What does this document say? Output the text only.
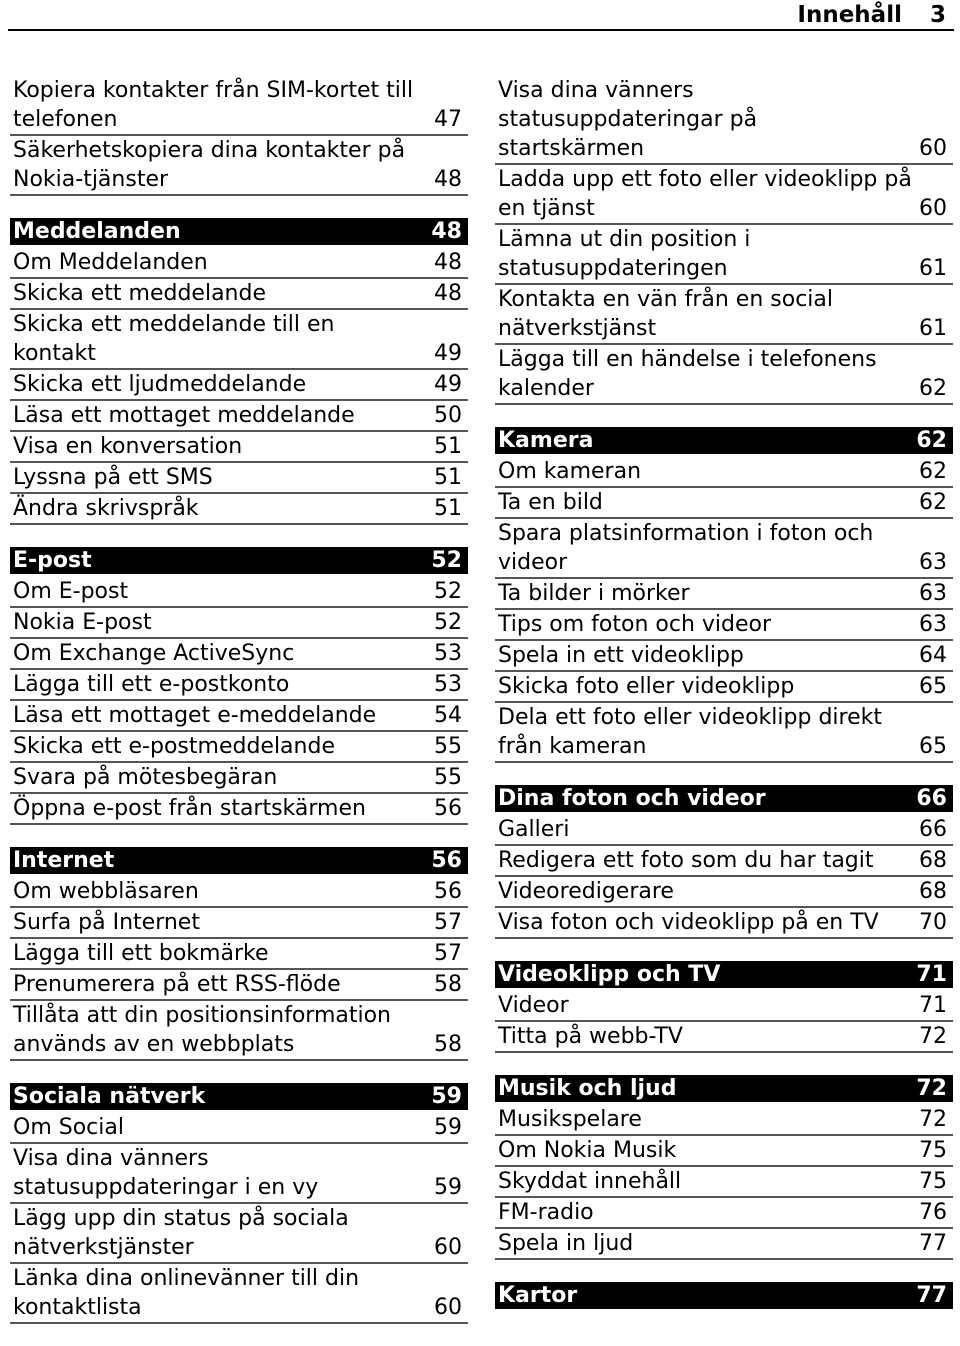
Innehåll 3
Kopiera kontakter från SIM-kortet till
telefonen	47
Säkerhetskopiera dina kontakter på
Nokia-tjänster	48
Meddelanden	48
Om Meddelanden	48
Skicka ett meddelande	48
Skicka ett meddelande till en
kontakt	49
Skicka ett ljudmeddelande	49
Läsa ett mottaget meddelande	50
Visa en konversation	51
Lyssna på ett SMS	51
Ändra skrivspråk	51
E-post	52
Om E-post	52
Nokia E-post	52
Om Exchange ActiveSync	53
Lägga till ett e-postkonto	53
Läsa ett mottaget e-meddelande	54
Skicka ett e-postmeddelande	55
Svara på mötesbegäran	55
Öppna e-post från startskärmen	56
Internet	56
Om webbläsaren	56
Surfa på Internet	57
Lägga till ett bokmärke	57
Prenumerera på ett RSS-flöde	58
Tillåta att din positionsinformation
används av en webbplats	58
Sociala nätverk	59
Om Social	59
Visa dina vänners
statusuppdateringar i en vy	59
Lägg upp din status på sociala
nätverkstjänster	60
Länka dina onlinevänner till din
kontaktlista	60
Visa dina vänners
statusuppdateringar på
startskärmen	60
Ladda upp ett foto eller videoklipp på
en tjänst	60
Lämna ut din position i
statusuppdateringen	61
Kontakta en vän från en social
nätverkstjänst	61
Lägga till en händelse i telefonens
kalender	62
Kamera	62
Om kameran	62
Ta en bild	62
Spara platsinformation i foton och
videor	63
Ta bilder i mörker	63
Tips om foton och videor	63
Spela in ett videoklipp	64
Skicka foto eller videoklipp	65
Dela ett foto eller videoklipp direkt
från kameran	65
Dina foton och videor	66
Galleri	66
Redigera ett foto som du har tagit	68
Videoredigerare	68
Visa foton och videoklipp på en TV	70
Videoklipp och TV	71
Videor	71
Titta på webb-TV	72
Musik och ljud	72
Musikspelare	72
Om Nokia Musik	75
Skyddat innehåll	75
FM-radio	76
Spela in ljud	77
Kartor	77
